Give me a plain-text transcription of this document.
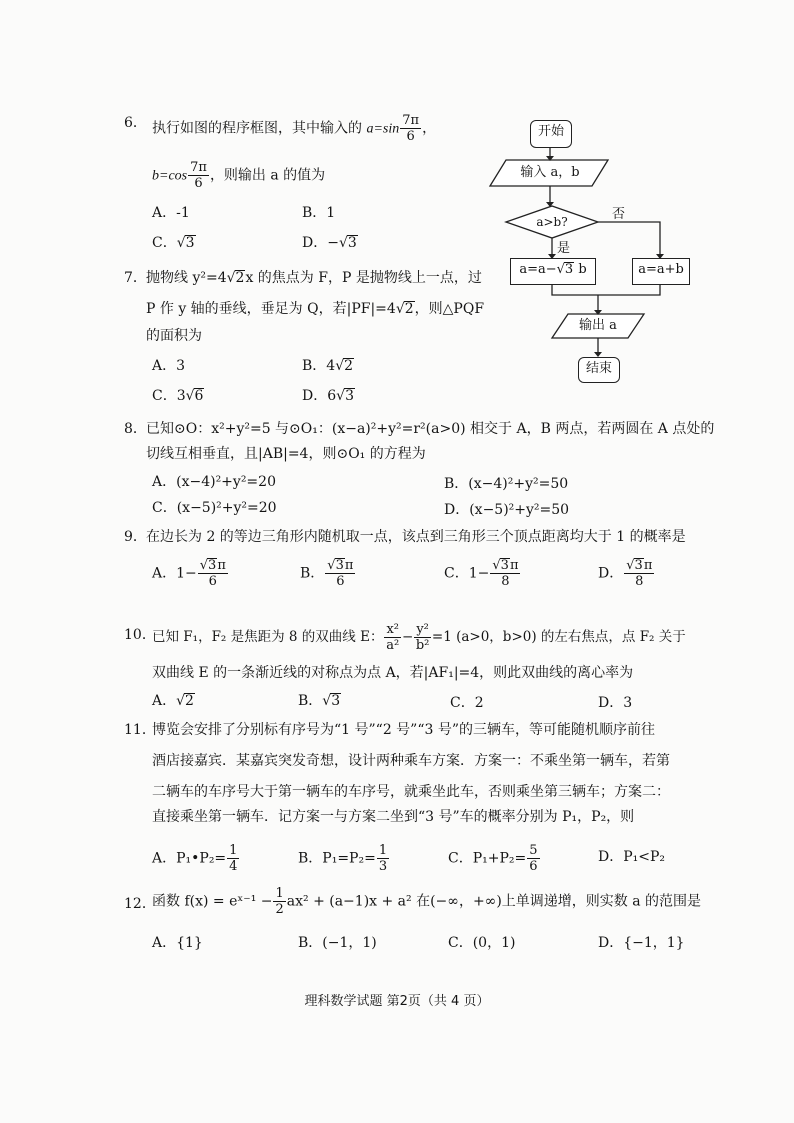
6． 执行如图的程序框图，其中输入的 $a=\sin \frac{7\pi}{6}$ ，
$b=\cos \frac{7\pi}{6}$ ，则输出 a 的值为
A．-1	B．1
C．√3	D．−√3
7． 抛物线 y²=4√2x 的焦点为 F，P 是抛物线上一点，过
P 作 y 轴的垂线，垂足为 Q，若|PF|=4√2，则△PQF
的面积为
A．3	B．4√2
C．3√6	D．6√3
8． 已知⊙O：x²+y²=5 与⊙O₁：(x−a)²+y²=r²(a>0) 相交于 A，B 两点，若两圆在 A 点处的
切线互相垂直，且|AB|=4，则⊙O₁ 的方程为
A．(x−4)²+y²=20	B．(x−4)²+y²=50
C．(x−5)²+y²=20	D．(x−5)²+y²=50
9． 在边长为 2 的等边三角形内随机取一点，该点到三角形三个顶点距离均大于 1 的概率是
A．$1- \frac{√3\pi}{6}$	B． $\frac{√3\pi}{6}$	C．$1- \frac{√3\pi}{8}$	D． $\frac{√3\pi}{8}$
10．
已知 F₁，F₂ 是焦距为 8 的双曲线 E： $\frac{\text{x²}}{\text{a²}} - \frac{\text{y²}}{\text{b²}} =1$ (a>0，b>0) 的左右焦点，点 F₂ 关于
双曲线 E 的一条渐近线的对称点为点 A，若|AF₁|=4，则此双曲线的离心率为
A．√2	B．√3	C．2	D．3
11．
博览会安排了分别标有序号为“1 号”“2 号”“3 号”的三辆车，等可能随机顺序前往
酒店接嘉宾．某嘉宾突发奇想，设计两种乘车方案．方案一：不乘坐第一辆车，若第
二辆车的车序号大于第一辆车的车序号，就乘坐此车，否则乘坐第三辆车；方案二：
直接乘坐第一辆车．记方案一与方案二坐到“3 号”车的概率分别为 P₁，P₂，则
A．P₁•P₂= $\frac{1}{4}$	B．$P_1=P_2= \frac{1}{3}$	C．$P_1+P_2= \frac{5}{6}$	D．P₁<P₂
12．
函数 f(x) = eˣ⁻¹ − $\frac{1}{2} ax^2 + (a-1)x + a^2$ 在(−∞，+∞)上单调递增，则实数 a 的范围是
A．{1}	B．(−1，1)	C．(0，1)	D．{−1，1}
开始
输入 a，b
a>b?	否
是
a=a−√3 b	a=a+b
输出 a
结束
理科数学试题 第2页（共 4 页）
